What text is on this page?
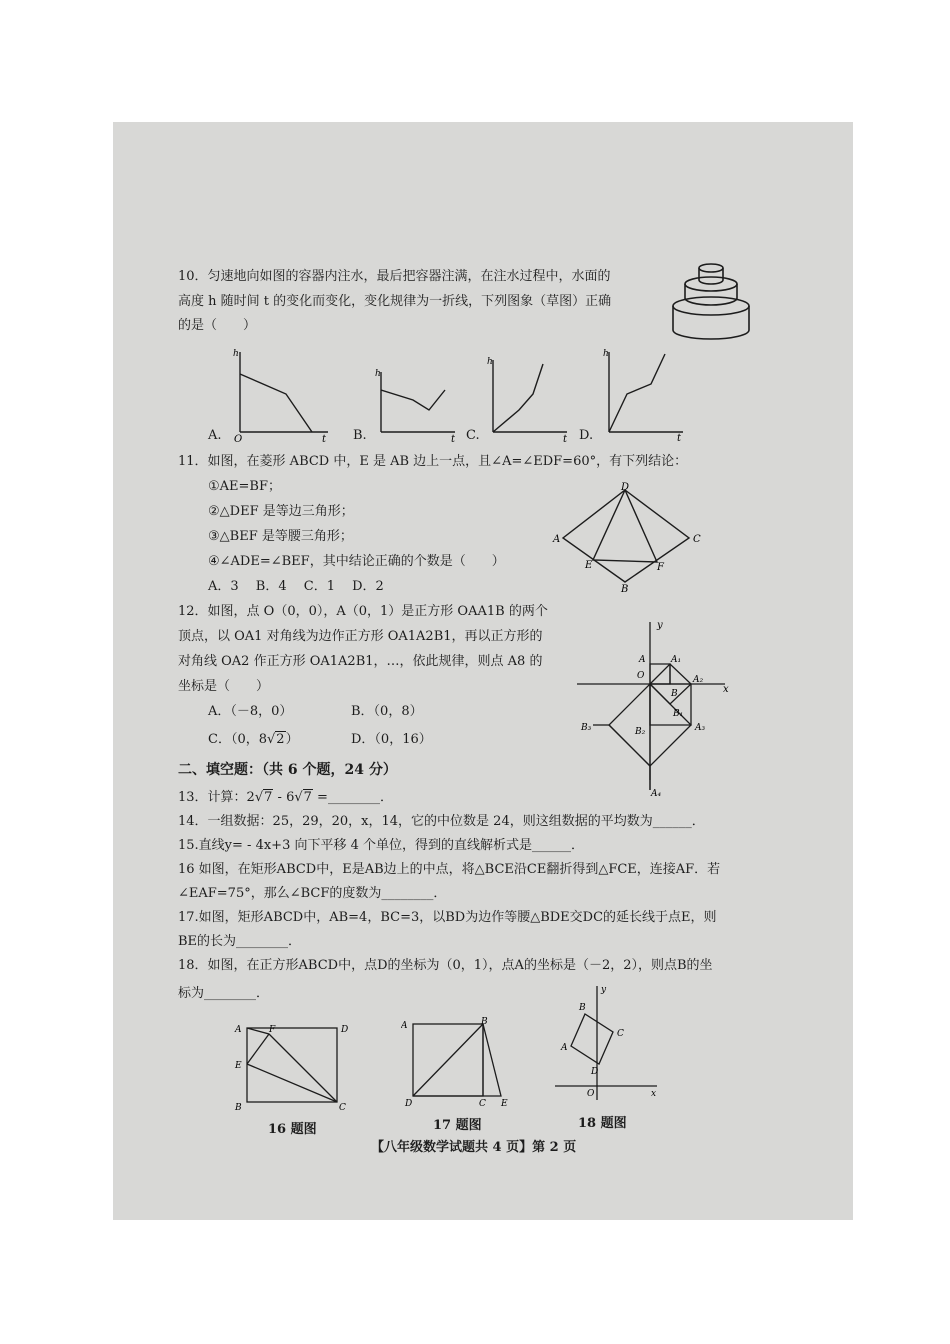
10．匀速地向如图的容器内注水，最后把容器注满，在注水过程中，水面的
高度 h 随时间 t 的变化而变化，变化规律为一折线，下列图象（草图）正确
的是（　　）
A.
h
t
O	B.
h
t C.
h
t D.
h
t
11．如图，在菱形 ABCD 中，E 是 AB 边上一点，且∠A=∠EDF=60°，有下列结论：
①AE=BF；
②△DEF 是等边三角形；
③△BEF 是等腰三角形；
④∠ADE=∠BEF，其中结论正确的个数是（　　）
A．3　 B．4　 C．1　 D．2
D
C
A
E	F
B
12．如图，点 O（0，0），A（0，1）是正方形 OAA1B 的两个
顶点，以 OA1 对角线为边作正方形 OA1A2B1，再以正方形的
对角线 OA2 作正方形 OA1A2B1，…，依此规律，则点 A8 的
坐标是（　　）
A．（－8，0）	B．（0，8）
C．（0，8√2）	D．（0，16）
y
x
O
A	A₁
A₂
B
B₁
A₃
B₂
B₃
A₄
二、填空题：（共 6 个题，24 分）
13．计算：2√7 - 6√7 =________．
14．一组数据：25，29，20，x，14，它的中位数是 24，则这组数据的平均数为______．
15.直线y= - 4x+3 向下平移 4 个单位，得到的直线解析式是______．
16 如图，在矩形ABCD中，E是AB边上的中点，将△BCE沿CE翻折得到△FCE，连接AF．若
∠EAF=75°，那么∠BCF的度数为________．
17.如图，矩形ABCD中，AB=4，BC=3，以BD为边作等腰△BDE交DC的延长线于点E，则
BE的长为________．
18．如图，在正方形ABCD中，点D的坐标为（0，1），点A的坐标是（－2，2），则点B的坐
标为________．
A	D
F
E
B	C
16 题图
A	B
D	C E
17 题图
y
x
O
B
C
A
D
18 题图
【八年级数学试题共 4 页】第 2 页
